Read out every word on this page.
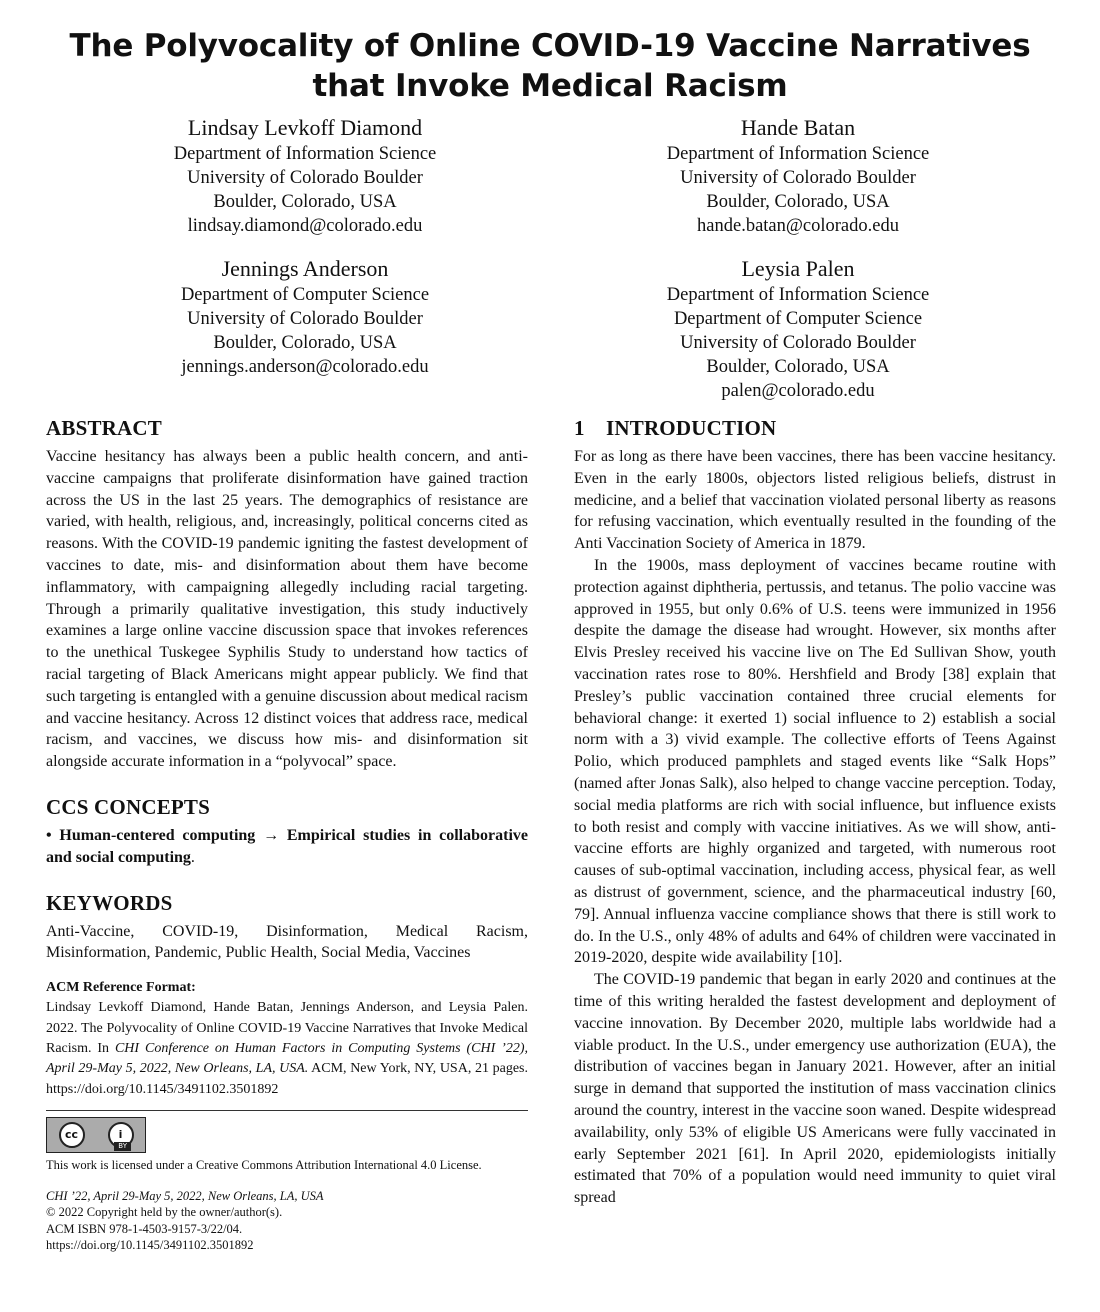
The Polyvocality of Online COVID-19 Vaccine Narratives that Invoke Medical Racism
Lindsay Levkoff Diamond
Department of Information Science
University of Colorado Boulder
Boulder, Colorado, USA
lindsay.diamond@colorado.edu
Hande Batan
Department of Information Science
University of Colorado Boulder
Boulder, Colorado, USA
hande.batan@colorado.edu
Jennings Anderson
Department of Computer Science
University of Colorado Boulder
Boulder, Colorado, USA
jennings.anderson@colorado.edu
Leysia Palen
Department of Information Science
Department of Computer Science
University of Colorado Boulder
Boulder, Colorado, USA
palen@colorado.edu
ABSTRACT

Vaccine hesitancy has always been a public health concern, and anti-vaccine campaigns that proliferate disinformation have gained traction across the US in the last 25 years. The demographics of resistance are varied, with health, religious, and, increasingly, political concerns cited as reasons. With the COVID-19 pandemic igniting the fastest development of vaccines to date, mis- and disinformation about them have become inflammatory, with campaigning allegedly including racial targeting. Through a primarily qualitative investigation, this study inductively examines a large online vaccine discussion space that invokes references to the unethical Tuskegee Syphilis Study to understand how tactics of racial targeting of Black Americans might appear publicly. We find that such targeting is entangled with a genuine discussion about medical racism and vaccine hesitancy. Across 12 distinct voices that address race, medical racism, and vaccines, we discuss how mis- and disinformation sit alongside accurate information in a “polyvocal” space.

CCS CONCEPTS

• Human-centered computing → Empirical studies in collaborative and social computing.

KEYWORDS

Anti-Vaccine, COVID-19, Disinformation, Medical Racism, Misinformation, Pandemic, Public Health, Social Media, Vaccines

ACM Reference Format:

Lindsay Levkoff Diamond, Hande Batan, Jennings Anderson, and Leysia Palen. 2022. The Polyvocality of Online COVID-19 Vaccine Narratives that Invoke Medical Racism. In CHI Conference on Human Factors in Computing Systems (CHI ’22), April 29-May 5, 2022, New Orleans, LA, USA. ACM, New York, NY, USA, 21 pages. https://doi.org/10.1145/3491102.3501892

cc	i
BY

This work is licensed under a Creative Commons Attribution International 4.0 License.

CHI ’22, April 29-May 5, 2022, New Orleans, LA, USA

© 2022 Copyright held by the owner/author(s).

ACM ISBN 978-1-4503-9157-3/22/04.

https://doi.org/10.1145/3491102.3501892

1 INTRODUCTION

For as long as there have been vaccines, there has been vaccine hesitancy. Even in the early 1800s, objectors listed religious beliefs, distrust in medicine, and a belief that vaccination violated personal liberty as reasons for refusing vaccination, which eventually resulted in the founding of the Anti Vaccination Society of America in 1879.

In the 1900s, mass deployment of vaccines became routine with protection against diphtheria, pertussis, and tetanus. The polio vaccine was approved in 1955, but only 0.6% of U.S. teens were immunized in 1956 despite the damage the disease had wrought. However, six months after Elvis Presley received his vaccine live on The Ed Sullivan Show, youth vaccination rates rose to 80%. Hershfield and Brody [38] explain that Presley’s public vaccination contained three crucial elements for behavioral change: it exerted 1) social influence to 2) establish a social norm with a 3) vivid example. The collective efforts of Teens Against Polio, which produced pamphlets and staged events like “Salk Hops” (named after Jonas Salk), also helped to change vaccine perception. Today, social media platforms are rich with social influence, but influence exists to both resist and comply with vaccine initiatives. As we will show, anti-vaccine efforts are highly organized and targeted, with numerous root causes of sub-optimal vaccination, including access, physical fear, as well as distrust of government, science, and the pharmaceutical industry [60, 79]. Annual influenza vaccine compliance shows that there is still work to do. In the U.S., only 48% of adults and 64% of children were vaccinated in 2019-2020, despite wide availability [10].

The COVID-19 pandemic that began in early 2020 and continues at the time of this writing heralded the fastest development and deployment of vaccine innovation. By December 2020, multiple labs worldwide had a viable product. In the U.S., under emergency use authorization (EUA), the distribution of vaccines began in January 2021. However, after an initial surge in demand that supported the institution of mass vaccination clinics around the country, interest in the vaccine soon waned. Despite widespread availability, only 53% of eligible US Americans were fully vaccinated in early September 2021 [61]. In April 2020, epidemiologists initially estimated that 70% of a population would need immunity to quiet viral spread
